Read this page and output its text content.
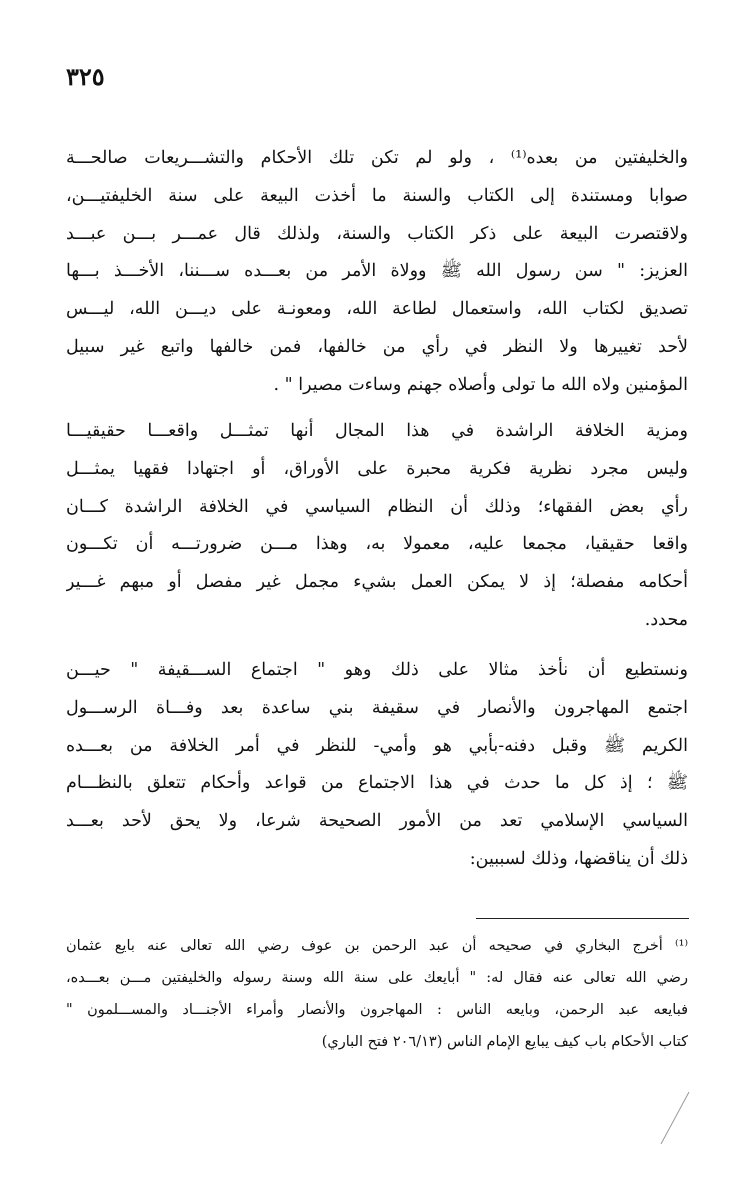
٣٢٥
والخليفتين من بعده⁽¹⁾ ، ولو لم تكن تلك الأحكام والتشـــريعات صالحـــة
صوابا ومستندة إلى الكتاب والسنة ما أخذت البيعة على سنة الخليفتيـــن،
ولاقتصرت البيعة على ذكر الكتاب والسنة، ولذلك قال عمـــر بـــن عبـــد
العزيز: " سن رسول الله ﷺ وولاة الأمر من بعـــده ســـننا، الأخـــذ بـــها
تصديق لكتاب الله، واستعمال لطاعة الله، ومعونـة على ديـــن الله، ليـــس
لأحد تغييرها ولا النظر في رأي من خالفها، فمن خالفها واتبع غير سبيل
المؤمنين ولاه الله ما تولى وأصلاه جهنم وساءت مصيرا " .
ومزية الخلافة الراشدة في هذا المجال أنها تمثـــل واقعـــا حقيقيـــا
وليس مجرد نظرية فكرية محبرة على الأوراق، أو اجتهادا فقهيا يمثـــل
رأي بعض الفقهاء؛ وذلك أن النظام السياسي في الخلافة الراشدة كـــان
واقعا حقيقيا، مجمعا عليه، معمولا به، وهذا مـــن ضرورتـــه أن تكـــون
أحكامه مفصلة؛ إذ لا يمكن العمل بشيء مجمل غير مفصل أو مبهم غـــير
محدد.
ونستطيع أن نأخذ مثالا على ذلك وهو " اجتماع الســـقيفة " حيـــن
اجتمع المهاجرون والأنصار في سقيفة بني ساعدة بعد وفـــاة الرســـول
الكريم ﷺ وقبل دفنه-بأبي هو وأمي- للنظر في أمر الخلافة من بعـــده
ﷺ ؛ إذ كل ما حدث في هذا الاجتماع من قواعد وأحكام تتعلق بالنظـــام
السياسي الإسلامي تعد من الأمور الصحيحة شرعا، ولا يحق لأحد بعـــد
ذلك أن يناقضها، وذلك لسببين:
⁽¹⁾ أخرج البخاري في صحيحه أن عبد الرحمن بن عوف رضي الله تعالى عنه بايع عثمان
رضي الله تعالى عنه فقال له: " أبايعك على سنة الله وسنة رسوله والخليفتين مـــن بعـــده،
فبايعه عبد الرحمن، وبايعه الناس : المهاجرون والأنصار وأمراء الأجنـــاد والمســـلمون "
كتاب الأحكام باب كيف يبايع الإمام الناس (٢٠٦/١٣ فتح الباري)
